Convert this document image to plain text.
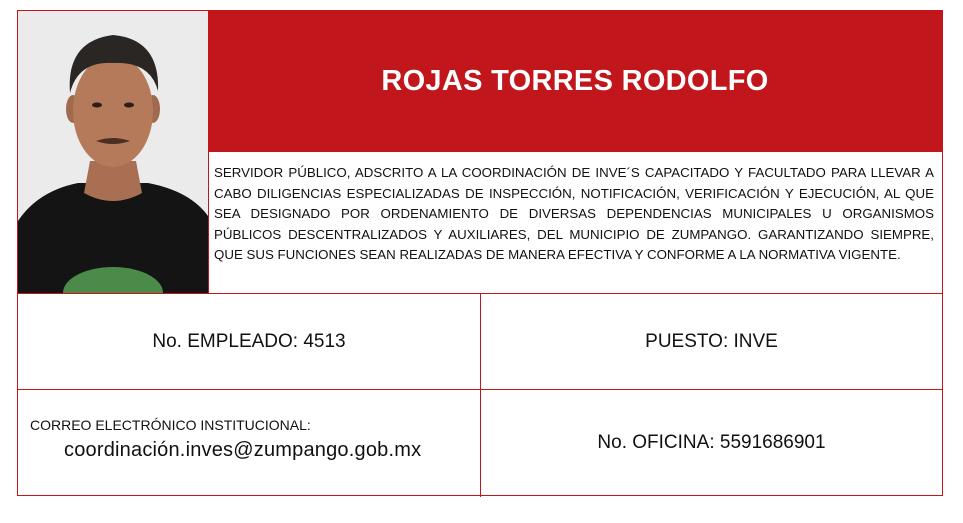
ROJAS TORRES RODOLFO
SERVIDOR PÚBLICO, ADSCRITO A LA COORDINACIÓN DE INVE´S CAPACITADO Y FACULTADO PARA LLEVAR A CABO DILIGENCIAS ESPECIALIZADAS DE INSPECCIÓN, NOTIFICACIÓN, VERIFICACIÓN Y EJECUCIÓN, AL QUE SEA DESIGNADO POR ORDENAMIENTO DE DIVERSAS DEPENDENCIAS MUNICIPALES U ORGANISMOS PÚBLICOS DESCENTRALIZADOS Y AUXILIARES, DEL MUNICIPIO DE ZUMPANGO. GARANTIZANDO SIEMPRE, QUE SUS FUNCIONES SEAN REALIZADAS DE MANERA EFECTIVA Y CONFORME A LA NORMATIVA VIGENTE.
No. EMPLEADO: 4513	PUESTO: INVE
CORREO ELECTRÓNICO INSTITUCIONAL:
coordinación.inves@zumpango.gob.mx	No. OFICINA: 5591686901
